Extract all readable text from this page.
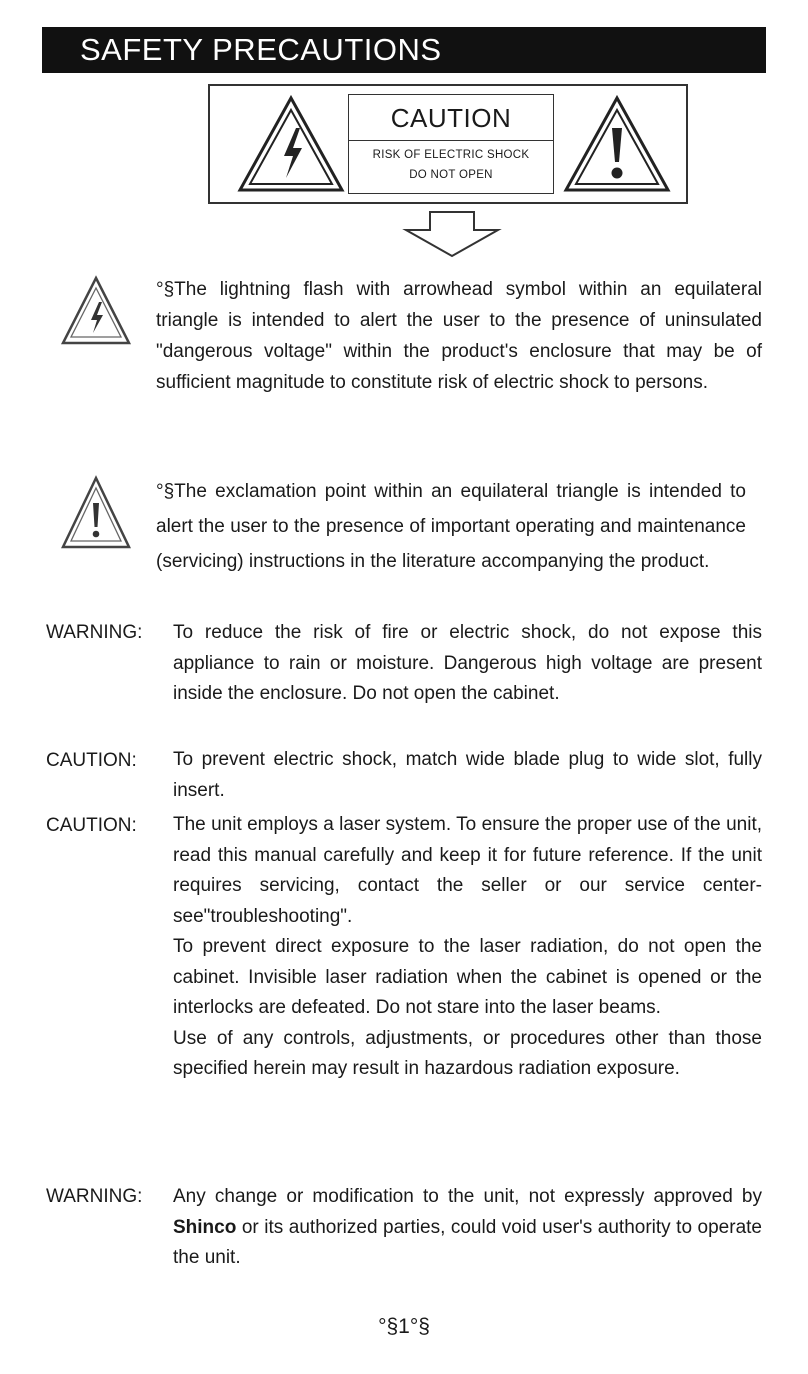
SAFETY PRECAUTIONS
CAUTION
RISK OF ELECTRIC SHOCK
DO NOT OPEN
°§The lightning flash with arrowhead symbol within an equilateral triangle is intended to alert the user to the presence of uninsulated "dangerous voltage" within the product's enclosure that may be of sufficient magnitude to constitute risk of electric shock to persons.
°§The exclamation point within an equilateral triangle is intended to alert the user to the presence of important operating and maintenance (servicing) instructions in the literature accompanying the product.
WARNING: To reduce the risk of fire or electric shock, do not expose this appliance to rain or moisture. Dangerous high voltage are present inside the enclosure. Do not open the cabinet.

CAUTION: To prevent electric shock, match wide blade plug to wide slot, fully insert.

CAUTION: The unit employs a laser system. To ensure the proper use of the unit, read this manual carefully and keep it for future reference. If the unit requires servicing, contact the seller or our service center-see"troubleshooting".

To prevent direct exposure to the laser radiation, do not open the cabinet. Invisible laser radiation when the cabinet is opened or the interlocks are defeated. Do not stare into the laser beams.

Use of any controls, adjustments, or procedures other than those specified herein may result in hazardous radiation exposure.

WARNING: Any change or modification to the unit, not expressly approved by Shinco or its authorized parties, could void user's authority to operate the unit.

°§1°§
